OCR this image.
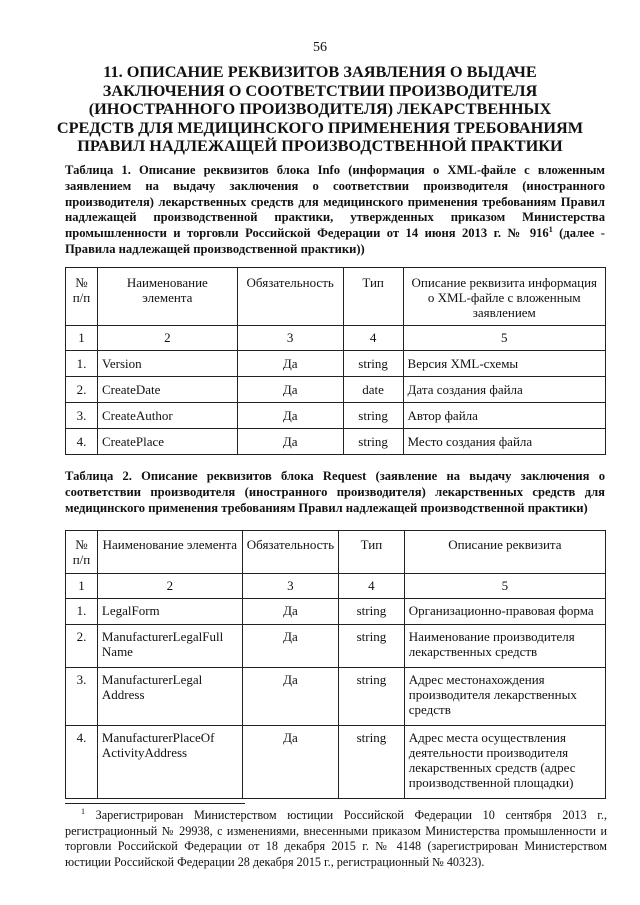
56
11. ОПИСАНИЕ РЕКВИЗИТОВ ЗАЯВЛЕНИЯ О ВЫДАЧЕ ЗАКЛЮЧЕНИЯ О СООТВЕТСТВИИ ПРОИЗВОДИТЕЛЯ (ИНОСТРАННОГО ПРОИЗВОДИТЕЛЯ) ЛЕКАРСТВЕННЫХ СРЕДСТВ ДЛЯ МЕДИЦИНСКОГО ПРИМЕНЕНИЯ ТРЕБОВАНИЯМ ПРАВИЛ НАДЛЕЖАЩЕЙ ПРОИЗВОДСТВЕННОЙ ПРАКТИКИ
Таблица 1. Описание реквизитов блока Info (информация о XML-файле с вложенным заявлением на выдачу заключения о соответствии производителя (иностранного производителя) лекарственных средств для медицинского применения требованиям Правил надлежащей производственной практики, утвержденных приказом Министерства промышленности и торговли Российской Федерации от 14 июня 2013 г. № $916^1$ (далее - Правила надлежащей производственной практики))
№ п/п	Наименование элемента	Обязательность	Тип	Описание реквизита информация о XML-файле с вложенным заявлением
1	2	3	4	5
1.	Version	Да	string	Версия XML-схемы
2.	CreateDate	Да	date	Дата создания файла
3.	CreateAuthor	Да	string	Автор файла
4.	CreatePlace	Да	string	Место создания файла
Таблица 2. Описание реквизитов блока Request (заявление на выдачу заключения о соответствии производителя (иностранного производителя) лекарственных средств для медицинского применения требованиям Правил надлежащей производственной практики)
№ п/п	Наименование элемента	Обязательность	Тип	Описание реквизита
1	2	3	4	5
1.	LegalForm	Да	string	Организационно-правовая форма
2.	ManufacturerLegalFull Name	Да	string	Наименование производителя лекарственных средств
3.	ManufacturerLegal Address	Да	string	Адрес местонахождения производителя лекарственных средств
4.	ManufacturerPlaceOf ActivityAddress	Да	string	Адрес места осуществления деятельности производителя лекарственных средств (адрес производственной площадки)
$^1$ Зарегистрирован Министерством юстиции Российской Федерации 10 сентября 2013 г., регистрационный № 29938, с изменениями, внесенными приказом Министерства промышленности и торговли Российской Федерации от 18 декабря 2015 г. № 4148 (зарегистрирован Министерством юстиции Российской Федерации 28 декабря 2015 г., регистрационный № 40323).
